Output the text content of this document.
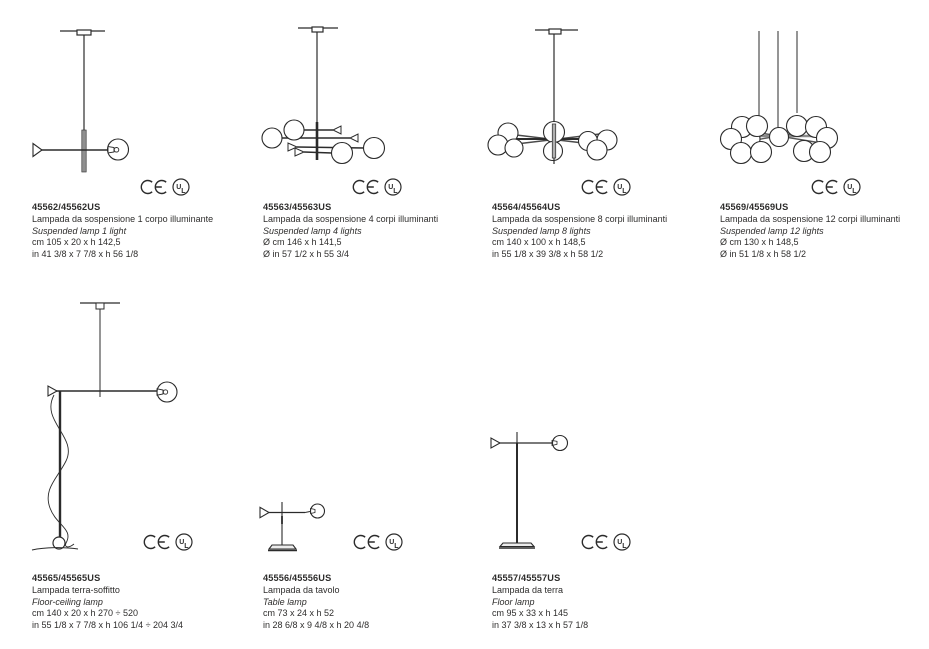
U
L
U
L
U
L
U
L
U
L
U
L
U
L

45562/45562US

Lampada da sospensione 1 corpo illuminante

Suspended lamp 1 light

cm 105 x 20 x h 142,5

in 41 3/8 x 7 7/8 x h 56 1/8

45563/45563US

Lampada da sospensione 4 corpi illuminanti

Suspended lamp 4 lights

Ø cm 146 x h 141,5

Ø in 57 1/2 x h 55 3/4

45564/45564US

Lampada da sospensione 8 corpi illuminanti

Suspended lamp 8 lights

cm 140 x 100 x h 148,5

in 55 1/8 x 39 3/8 x h 58 1/2

45569/45569US

Lampada da sospensione 12 corpi illuminanti

Suspended lamp 12 lights

Ø cm 130 x h 148,5

Ø in 51 1/8 x h 58 1/2

45565/45565US

Lampada terra-soffitto

Floor-ceiling lamp

cm 140 x 20 x h 270 ÷ 520

in 55 1/8 x 7 7/8 x h 106 1/4 ÷ 204 3/4

45556/45556US

Lampada da tavolo

Table lamp

cm 73 x 24 x h 52

in 28 6/8 x 9 4/8 x h 20 4/8

45557/45557US

Lampada da terra

Floor lamp

cm 95 x 33 x h 145

in 37 3/8 x 13 x h 57 1/8
